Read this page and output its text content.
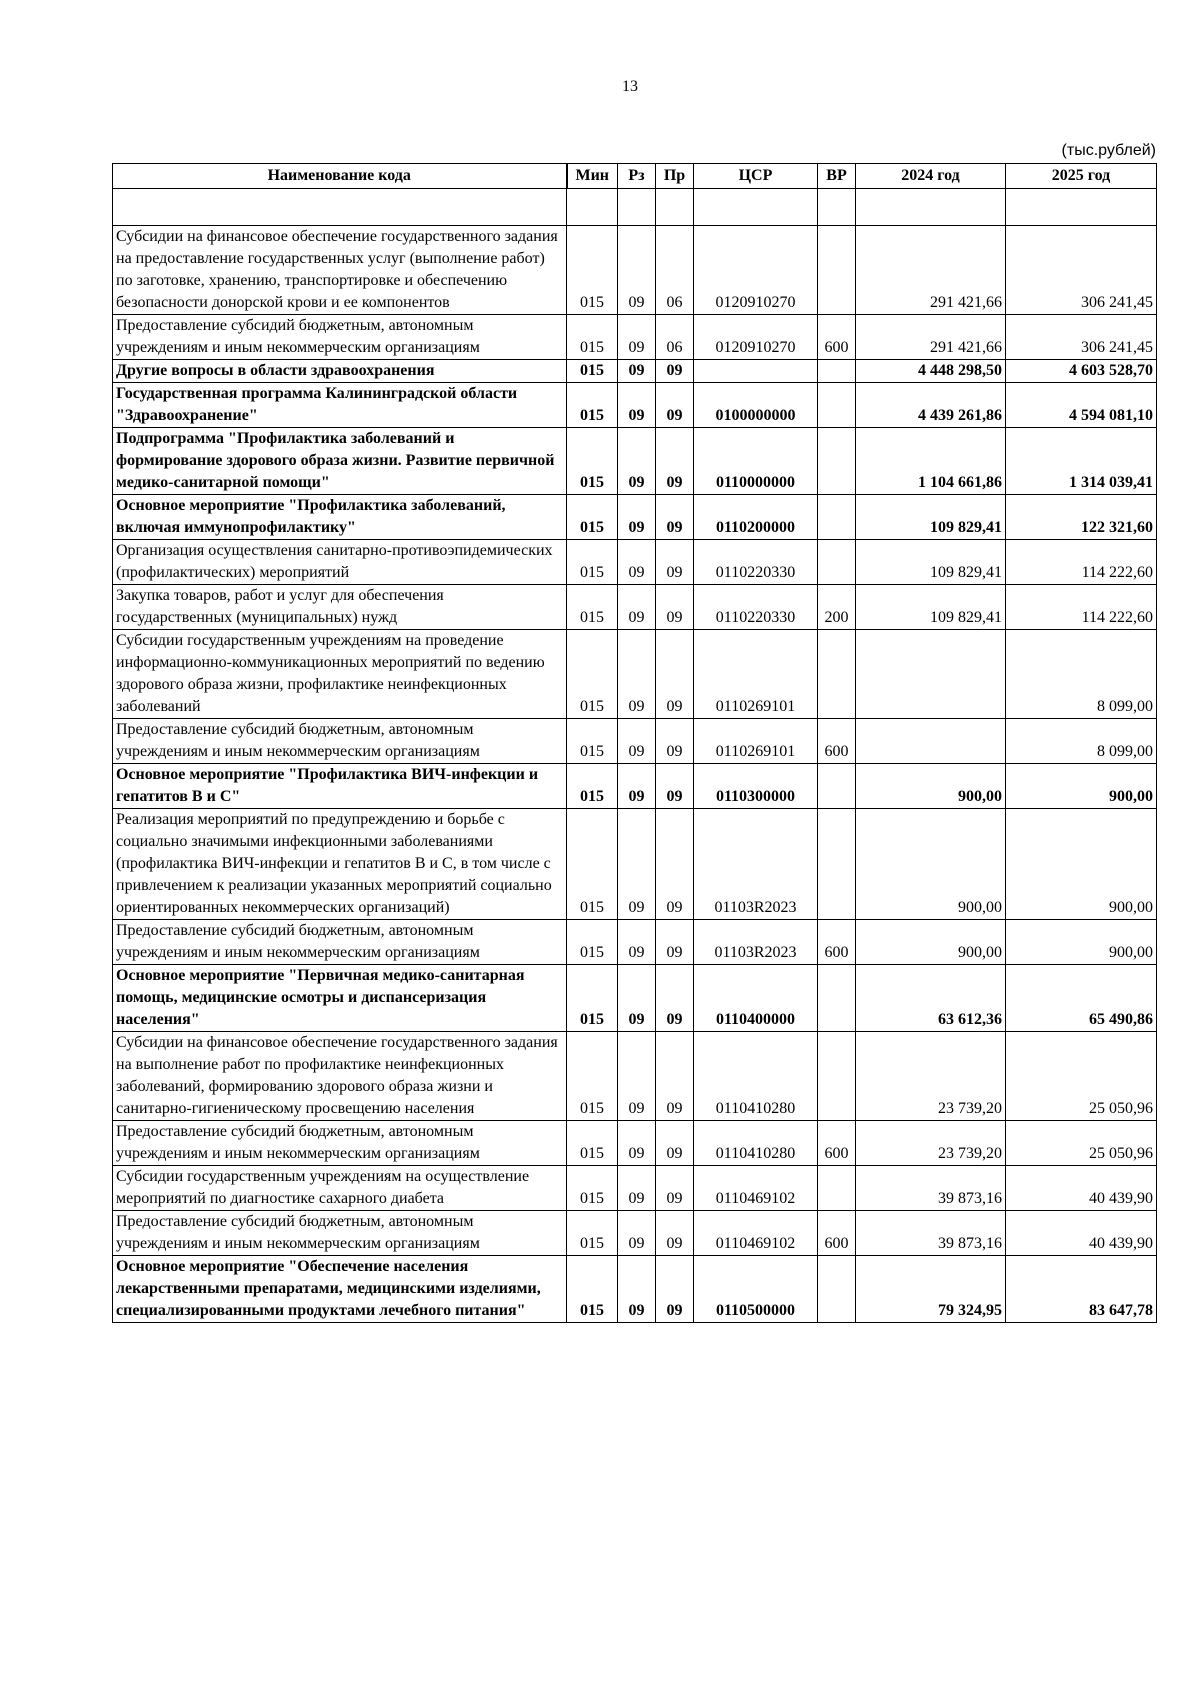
13
(тыс.рублей)
Наименование кода	Мин	Рз	Пр	ЦСР	ВР	2024 год	2025 год

Субсидии на финансовое обеспечение государственного задания на предоставление государственных услуг (выполнение работ) по заготовке, хранению, транспортировке и обеспечению безопасности донорской крови и ее компонентов	015	09	06	0120910270		291 421,66	306 241,45
Предоставление субсидий бюджетным, автономным учреждениям и иным некоммерческим организациям	015	09	06	0120910270	600	291 421,66	306 241,45
Другие вопросы в области здравоохранения	015	09	09			4 448 298,50	4 603 528,70
Государственная программа Калининградской области "Здравоохранение"	015	09	09	0100000000		4 439 261,86	4 594 081,10
Подпрограмма "Профилактика заболеваний и формирование здорового образа жизни. Развитие первичной медико-санитарной помощи"	015	09	09	0110000000		1 104 661,86	1 314 039,41
Основное мероприятие "Профилактика заболеваний, включая иммунопрофилактику"	015	09	09	0110200000		109 829,41	122 321,60
Организация осуществления санитарно-противоэпидемических (профилактических) мероприятий	015	09	09	0110220330		109 829,41	114 222,60
Закупка товаров, работ и услуг для обеспечения государственных (муниципальных) нужд	015	09	09	0110220330	200	109 829,41	114 222,60
Субсидии государственным учреждениям на проведение информационно-коммуникационных мероприятий по ведению здорового образа жизни, профилактике неинфекционных заболеваний	015	09	09	0110269101			8 099,00
Предоставление субсидий бюджетным, автономным учреждениям и иным некоммерческим организациям	015	09	09	0110269101	600		8 099,00
Основное мероприятие "Профилактика ВИЧ-инфекции и гепатитов В и С"	015	09	09	0110300000		900,00	900,00
Реализация мероприятий по предупреждению и борьбе с социально значимыми инфекционными заболеваниями (профилактика ВИЧ-инфекции и гепатитов В и С, в том числе с привлечением к реализации указанных мероприятий социально ориентированных некоммерческих организаций)	015	09	09	01103R2023		900,00	900,00
Предоставление субсидий бюджетным, автономным учреждениям и иным некоммерческим организациям	015	09	09	01103R2023	600	900,00	900,00
Основное мероприятие "Первичная медико-санитарная помощь, медицинские осмотры и диспансеризация населения"	015	09	09	0110400000		63 612,36	65 490,86
Субсидии на финансовое обеспечение государственного задания на выполнение работ по профилактике неинфекционных заболеваний, формированию здорового образа жизни и санитарно-гигиеническому просвещению населения	015	09	09	0110410280		23 739,20	25 050,96
Предоставление субсидий бюджетным, автономным учреждениям и иным некоммерческим организациям	015	09	09	0110410280	600	23 739,20	25 050,96
Субсидии государственным учреждениям на осуществление мероприятий по диагностике сахарного диабета	015	09	09	0110469102		39 873,16	40 439,90
Предоставление субсидий бюджетным, автономным учреждениям и иным некоммерческим организациям	015	09	09	0110469102	600	39 873,16	40 439,90
Основное мероприятие "Обеспечение населения лекарственными препаратами, медицинскими изделиями, специализированными продуктами лечебного питания"	015	09	09	0110500000		79 324,95	83 647,78
